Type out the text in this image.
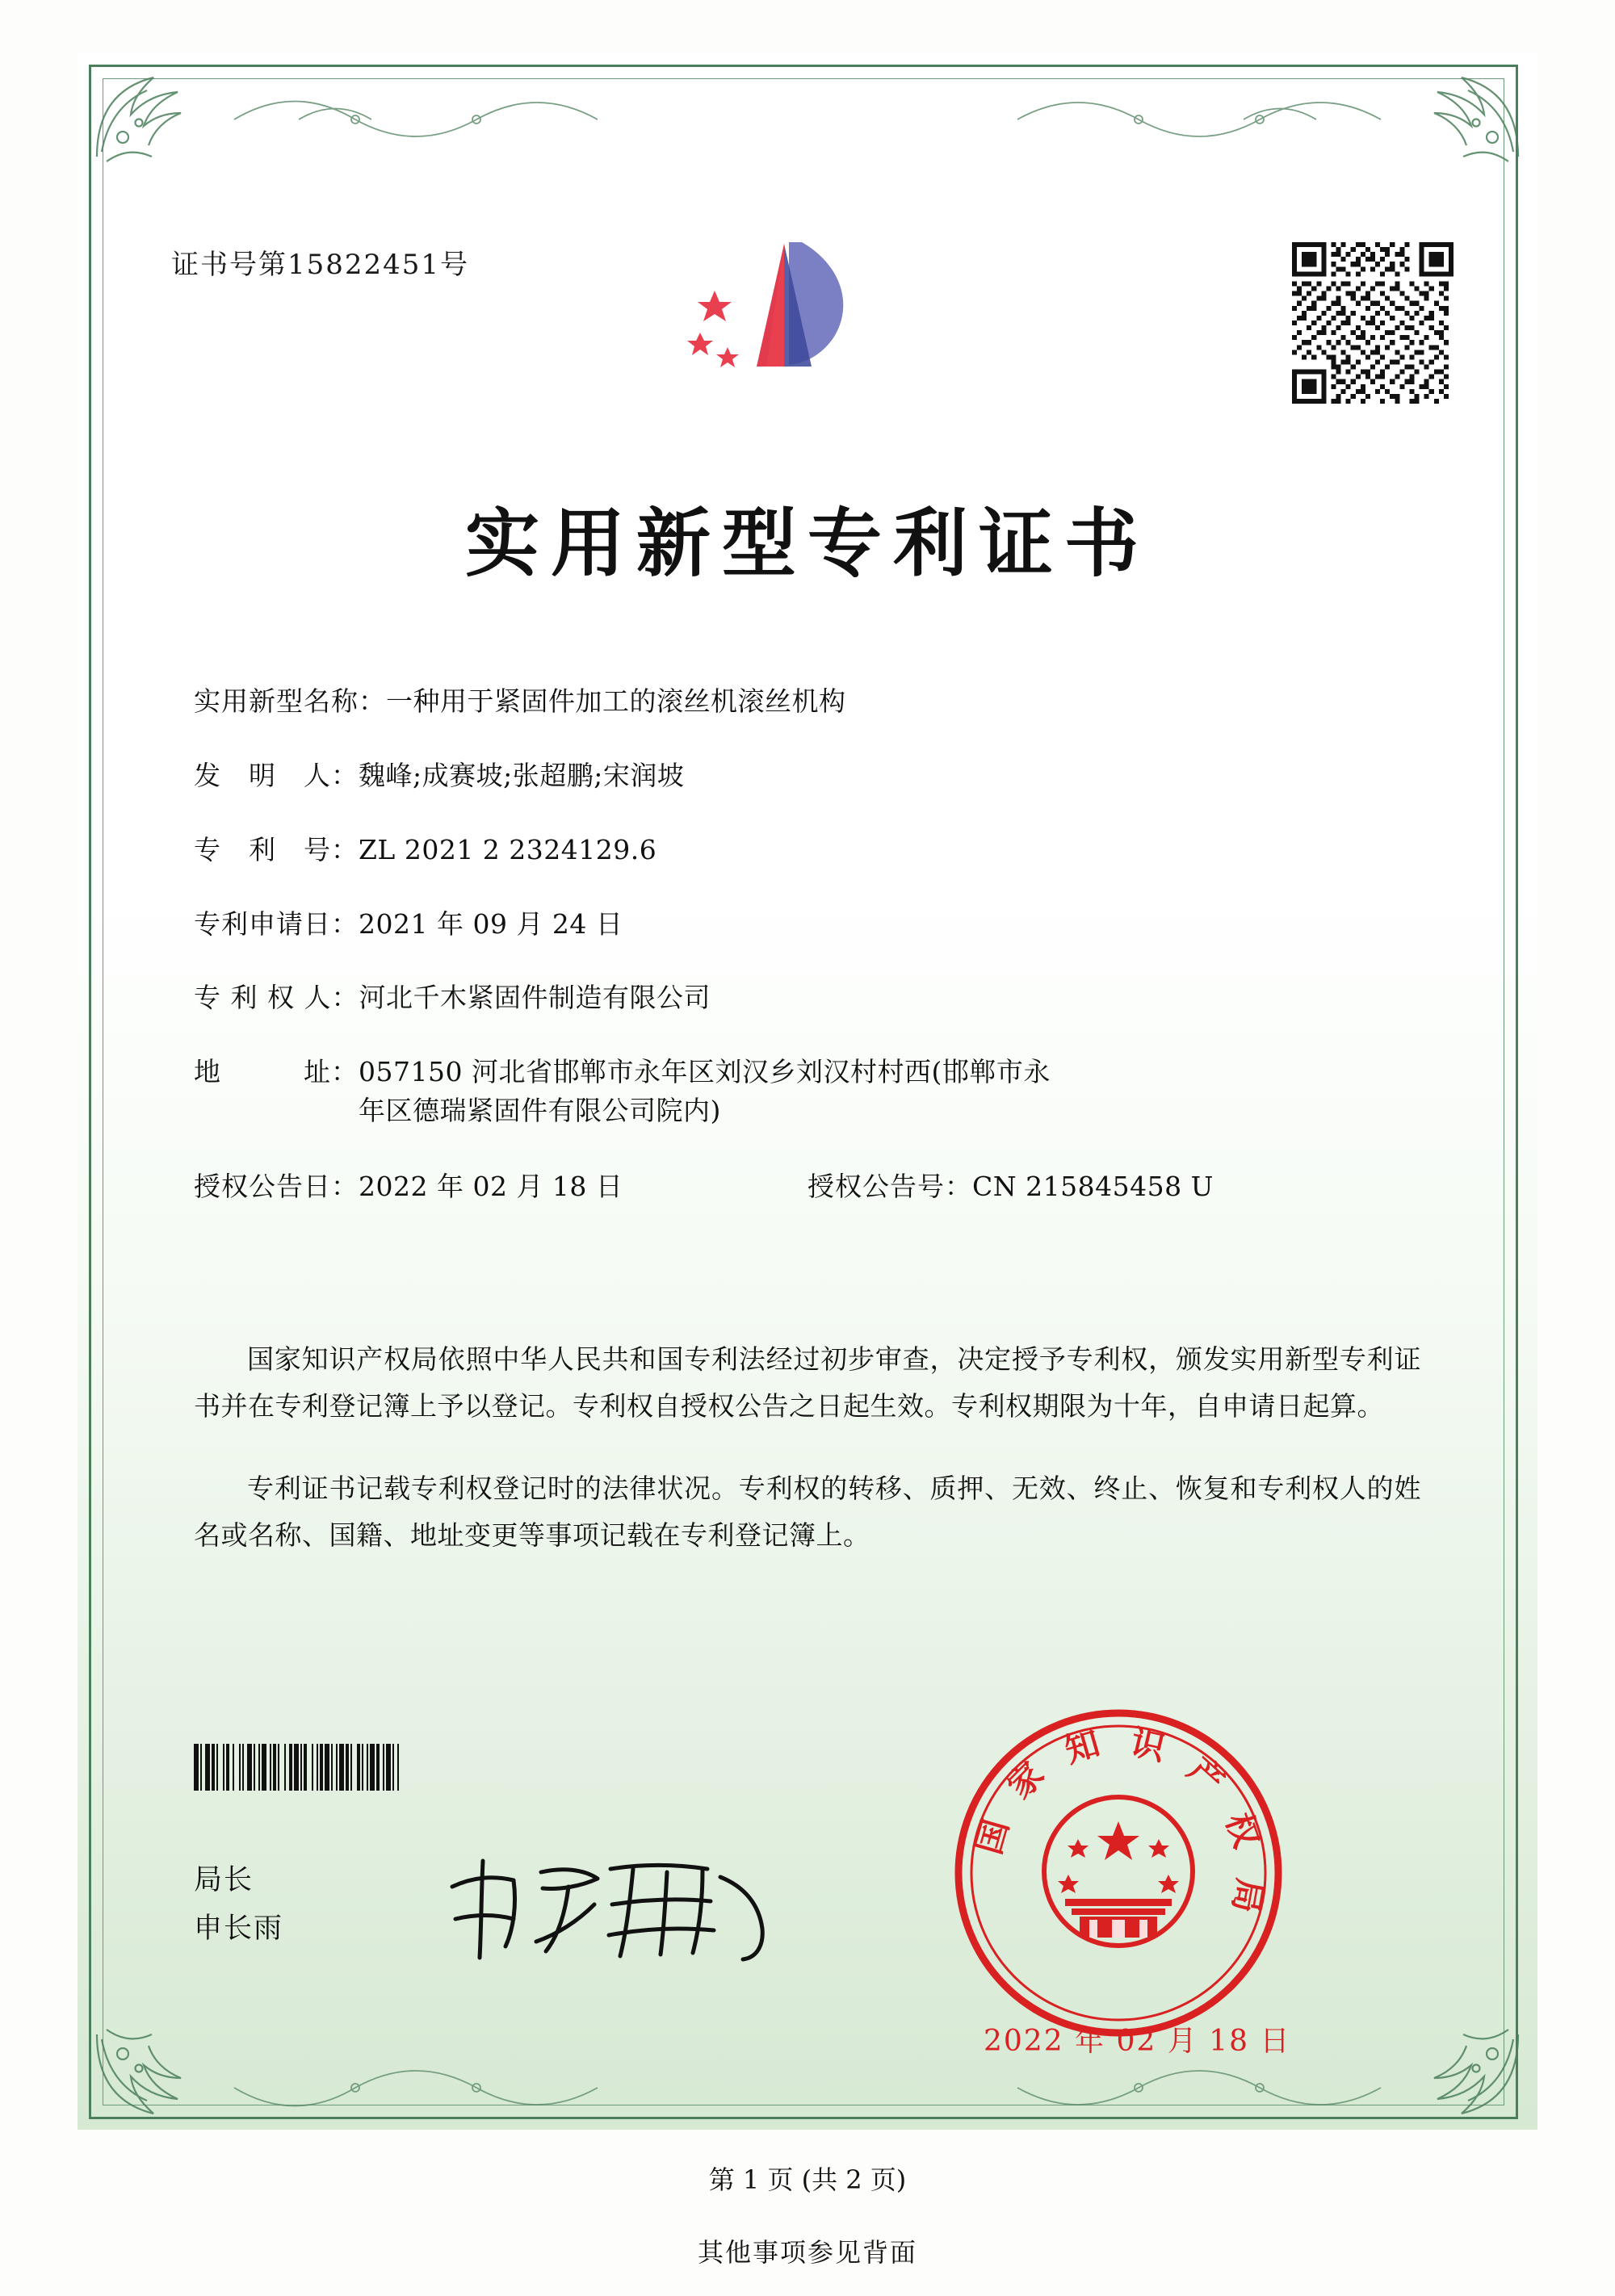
证书号第15822451号
实用新型专利证书
实用新型名称： 一种用于紧固件加工的滚丝机滚丝机构
发　明　人： 魏峰;成赛坡;张超鹏;宋润坡
专　利　号： ZL 2021 2 2324129.6
专利申请日： 2021 年 09 月 24 日
专 利 权 人： 河北千木紧固件制造有限公司
地　　　址： 057150 河北省邯郸市永年区刘汉乡刘汉村村西(邯郸市永
年区德瑞紧固件有限公司院内)
授权公告日：2022 年 02 月 18 日	授权公告号：CN 215845458 U
国家知识产权局依照中华人民共和国专利法经过初步审查，决定授予专利权，颁发实用新型专利证书并在专利登记簿上予以登记。专利权自授权公告之日起生效。专利权期限为十年，自申请日起算。
专利证书记载专利权登记时的法律状况。专利权的转移、质押、无效、终止、恢复和专利权人的姓名或名称、国籍、地址变更等事项记载在专利登记簿上。
局长
申长雨
国
家
知 识
产
权
局
2022 年 02 月 18 日
第 1 页 (共 2 页)
其他事项参见背面
